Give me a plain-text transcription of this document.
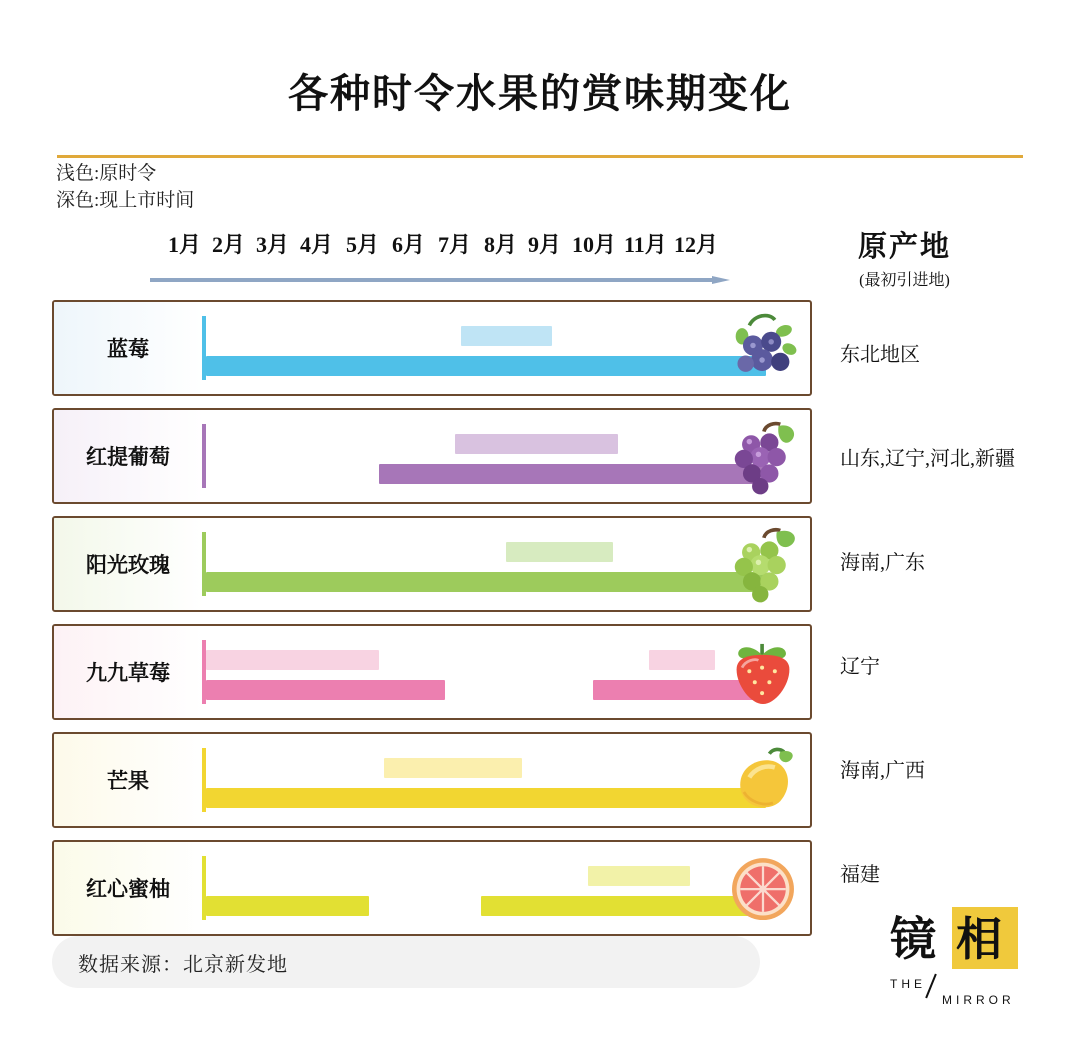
各种时令水果的赏味期变化
浅色:原时令
深色:现上市时间
1月 2月 3月 4月 5月 6月 7月 8月 9月 10月 11月 12月	原产地
(最初引进地)
蓝莓
红提葡萄
阳光玫瑰
九九草莓
芒果
红心蜜柚
东北地区
山东,辽宁,河北,新疆
海南,广东
辽宁
海南,广西
福建
数据来源：北京新发地	镜 相
THE
MIRROR
